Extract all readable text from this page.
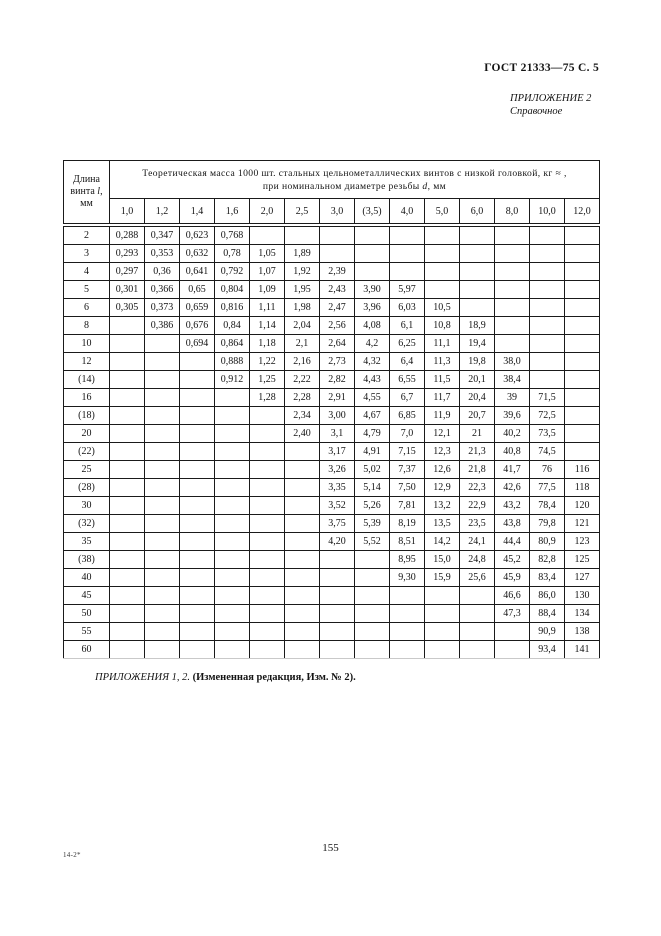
ГОСТ 21333—75 С. 5
ПРИЛОЖЕНИЕ 2
Справочное
Длина винта l, мм	Теоретическая масса 1000 шт. стальных цельнометаллических винтов с низкой головкой, кг ≈ ,
при номинальном диаметре резьбы d, мм													
	1,0	1,2	1,4	1,6	2,0	2,5	3,0	(3,5)	4,0	5,0	6,0	8,0	10,0	12,0
2	0,288	0,347	0,623	0,768										
3	0,293	0,353	0,632	0,78	1,05	1,89								
4	0,297	0,36	0,641	0,792	1,07	1,92	2,39							
5	0,301	0,366	0,65	0,804	1,09	1,95	2,43	3,90	5,97					
6	0,305	0,373	0,659	0,816	1,11	1,98	2,47	3,96	6,03	10,5				
8		0,386	0,676	0,84	1,14	2,04	2,56	4,08	6,1	10,8	18,9			
10			0,694	0,864	1,18	2,1	2,64	4,2	6,25	11,1	19,4			
12				0,888	1,22	2,16	2,73	4,32	6,4	11,3	19,8	38,0		
(14)				0,912	1,25	2,22	2,82	4,43	6,55	11,5	20,1	38,4		
16					1,28	2,28	2,91	4,55	6,7	11,7	20,4	39	71,5	
(18)						2,34	3,00	4,67	6,85	11,9	20,7	39,6	72,5	
20						2,40	3,1	4,79	7,0	12,1	21	40,2	73,5	
(22)							3,17	4,91	7,15	12,3	21,3	40,8	74,5	
25							3,26	5,02	7,37	12,6	21,8	41,7	76	116
(28)							3,35	5,14	7,50	12,9	22,3	42,6	77,5	118
30							3,52	5,26	7,81	13,2	22,9	43,2	78,4	120
(32)							3,75	5,39	8,19	13,5	23,5	43,8	79,8	121
35							4,20	5,52	8,51	14,2	24,1	44,4	80,9	123
(38)									8,95	15,0	24,8	45,2	82,8	125
40									9,30	15,9	25,6	45,9	83,4	127
45												46,6	86,0	130
50												47,3	88,4	134
55													90,9	138
60													93,4	141
ПРИЛОЖЕНИЯ 1, 2. (Измененная редакция, Изм. № 2).
14-2*
155
